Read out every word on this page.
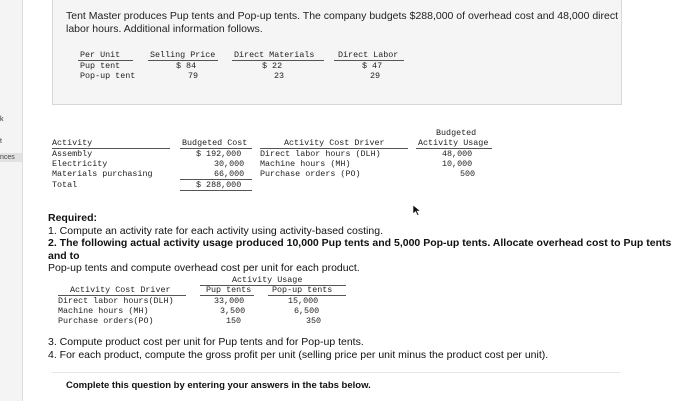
k
t
nces
Tent Master produces Pup tents and Pop-up tents. The company budgets $288,000 of overhead cost and 48,000 direct
labor hours. Additional information follows.
Per Unit	Selling Price Direct Materials	Direct Labor
Pup tent	$ 84	$ 22	$ 47
Pop-up tent	79	23	29
Activity	Budgeted Cost	Activity Cost Driver
Budgeted
Activity Usage
Assembly	$ 192,000 Direct labor hours (DLH)	48,000
Electricity	30,000 Machine hours (MH)	10,000
Materials purchasing	66,000 Purchase orders (PO)	500
Total	$ 288,000
Required:
1. Compute an activity rate for each activity using activity-based costing.
2. The following actual activity usage produced 10,000 Pup tents and 5,000 Pop-up tents. Allocate overhead cost to Pup tents and to
Pop-up tents and compute overhead cost per unit for each product.
Activity Usage
Activity Cost Driver	Pup tents Pop-up tents
Direct labor hours(DLH)	33,000	15,000
Machine hours (MH)	3,500	6,500
Purchase orders(PO)	150	350
3. Compute product cost per unit for Pup tents and for Pop-up tents.
4. For each product, compute the gross profit per unit (selling price per unit minus the product cost per unit).
Complete this question by entering your answers in the tabs below.
